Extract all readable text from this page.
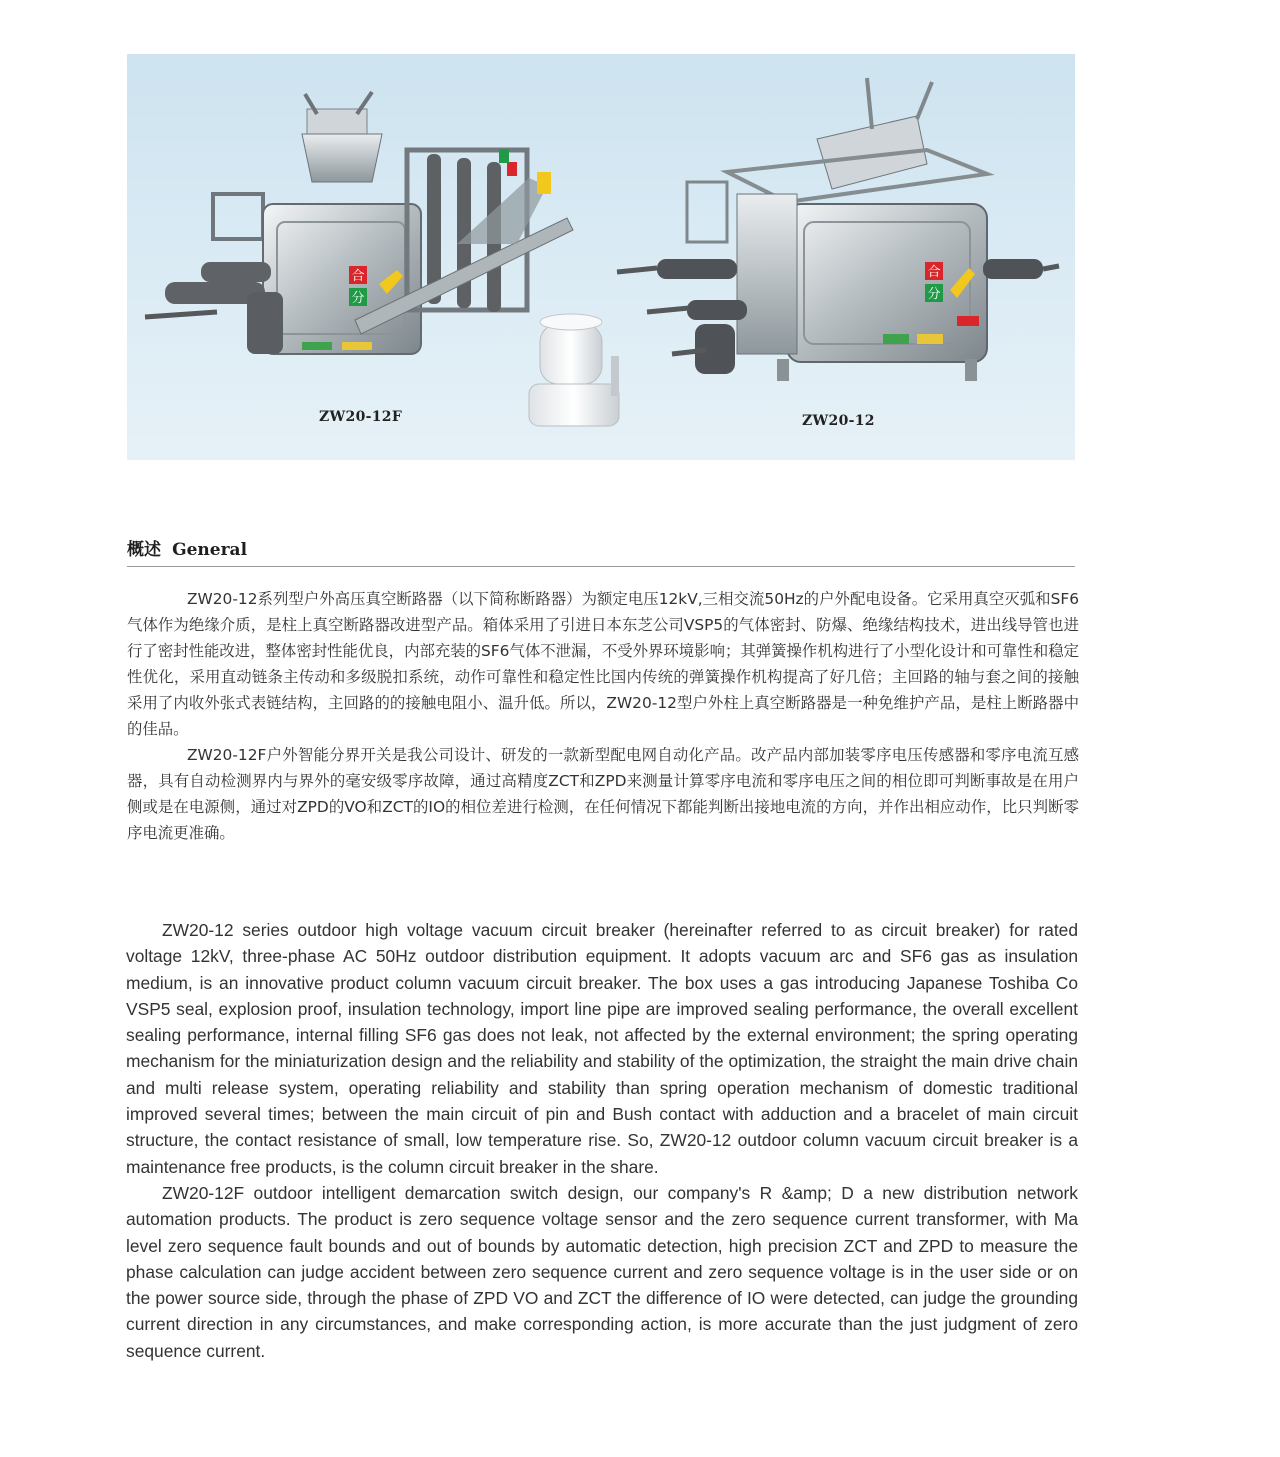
合
分
合
分
ZW20-12F	ZW20-12
概述 General

ZW20-12系列型户外高压真空断路器（以下简称断路器）为额定电压12kV,三相交流50Hz的户外配电设备。它采用真空灭弧和SF6气体作为绝缘介质，是柱上真空断路器改进型产品。箱体采用了引进日本东芝公司VSP5的气体密封、防爆、绝缘结构技术，进出线导管也进行了密封性能改进，整体密封性能优良，内部充装的SF6气体不泄漏，不受外界环境影响；其弹簧操作机构进行了小型化设计和可靠性和稳定性优化，采用直动链条主传动和多级脱扣系统，动作可靠性和稳定性比国内传统的弹簧操作机构提高了好几倍；主回路的轴与套之间的接触采用了内收外张式表链结构，主回路的的接触电阻小、温升低。所以，ZW20-12型户外柱上真空断路器是一种免维护产品，是柱上断路器中的佳品。

ZW20-12F户外智能分界开关是我公司设计、研发的一款新型配电网自动化产品。改产品内部加装零序电压传感器和零序电流互感器，具有自动检测界内与界外的毫安级零序故障，通过高精度ZCT和ZPD来测量计算零序电流和零序电压之间的相位即可判断事故是在用户侧或是在电源侧，通过对ZPD的VO和ZCT的IO的相位差进行检测，在任何情况下都能判断出接地电流的方向，并作出相应动作，比只判断零序电流更准确。

ZW20-12 series outdoor high voltage vacuum circuit breaker (hereinafter referred to as circuit breaker) for rated voltage 12kV, three-phase AC 50Hz outdoor distribution equipment. It adopts vacuum arc and SF6 gas as insulation medium, is an innovative product column vacuum circuit breaker. The box uses a gas introducing Japanese Toshiba Co VSP5 seal, explosion proof, insulation technology, import line pipe are improved sealing performance, the overall excellent sealing performance, internal filling SF6 gas does not leak, not affected by the external environment; the spring operating mechanism for the miniaturization design and the reliability and stability of the optimization, the straight the main drive chain and multi release system, operating reliability and stability than spring operation mechanism of domestic traditional improved several times; between the main circuit of pin and Bush contact with adduction and a bracelet of main circuit structure, the contact resistance of small, low temperature rise. So, ZW20-12 outdoor column vacuum circuit breaker is a maintenance free products, is the column circuit breaker in the share.

ZW20-12F outdoor intelligent demarcation switch design, our company's R &amp; D a new distribution network automation products. The product is zero sequence voltage sensor and the zero sequence current transformer, with Ma level zero sequence fault bounds and out of bounds by automatic detection, high precision ZCT and ZPD to measure the phase calculation can judge accident between zero sequence current and zero sequence voltage is in the user side or on the power source side, through the phase of ZPD VO and ZCT the difference of IO were detected, can judge the grounding current direction in any circumstances, and make corresponding action, is more accurate than the just judgment of zero sequence current.
